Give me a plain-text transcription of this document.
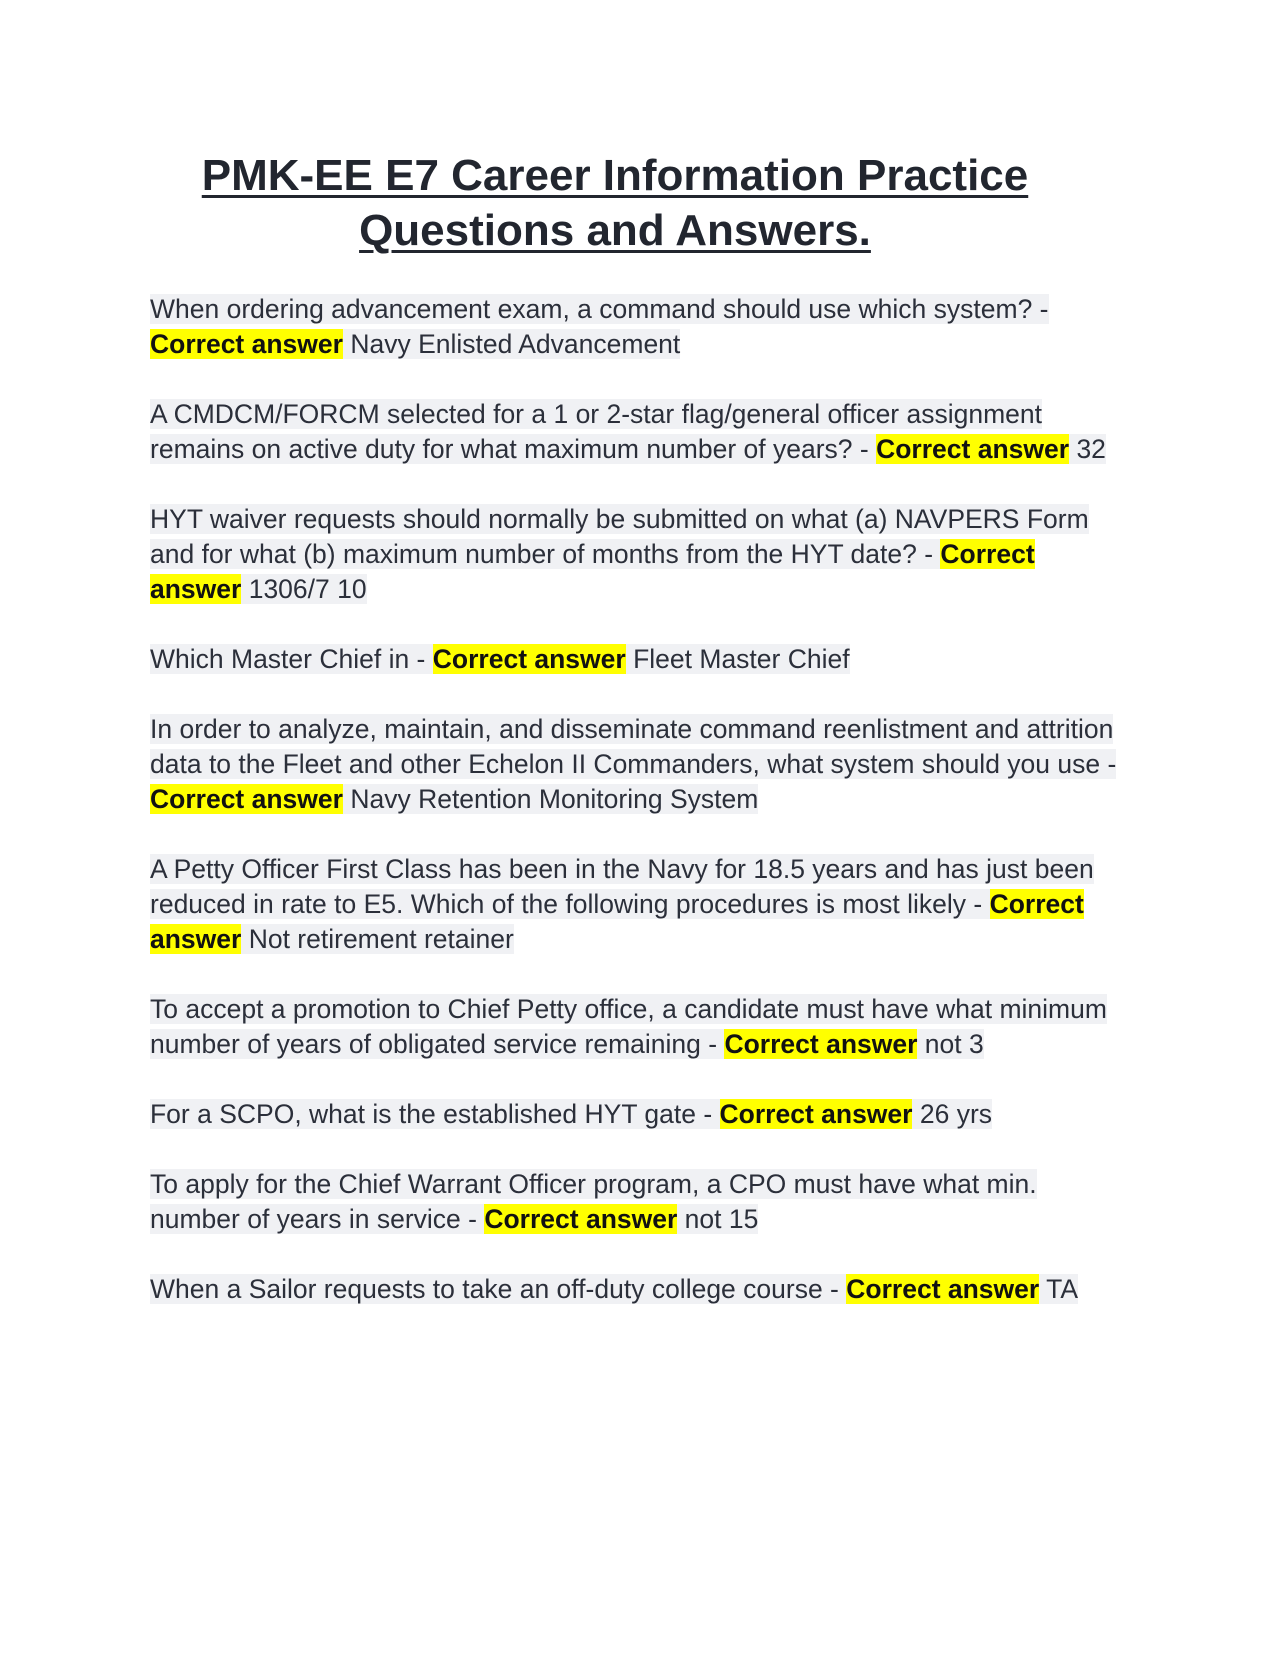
PMK-EE E7 Career Information Practice Questions and Answers.

When ordering advancement exam, a command should use which system? - Correct answer Navy Enlisted Advancement

A CMDCM/FORCM selected for a 1 or 2-star flag/general officer assignment remains on active duty for what maximum number of years? - Correct answer 32

HYT waiver requests should normally be submitted on what (a) NAVPERS Form and for what (b) maximum number of months from the HYT date? - Correct answer 1306/7 10

Which Master Chief in - Correct answer Fleet Master Chief

In order to analyze, maintain, and disseminate command reenlistment and attrition data to the Fleet and other Echelon II Commanders, what system should you use - Correct answer Navy Retention Monitoring System

A Petty Officer First Class has been in the Navy for 18.5 years and has just been reduced in rate to E5. Which of the following procedures is most likely - Correct answer Not retirement retainer

To accept a promotion to Chief Petty office, a candidate must have what minimum number of years of obligated service remaining - Correct answer not 3

For a SCPO, what is the established HYT gate - Correct answer 26 yrs

To apply for the Chief Warrant Officer program, a CPO must have what min. number of years in service - Correct answer not 15

When a Sailor requests to take an off-duty college course - Correct answer TA
